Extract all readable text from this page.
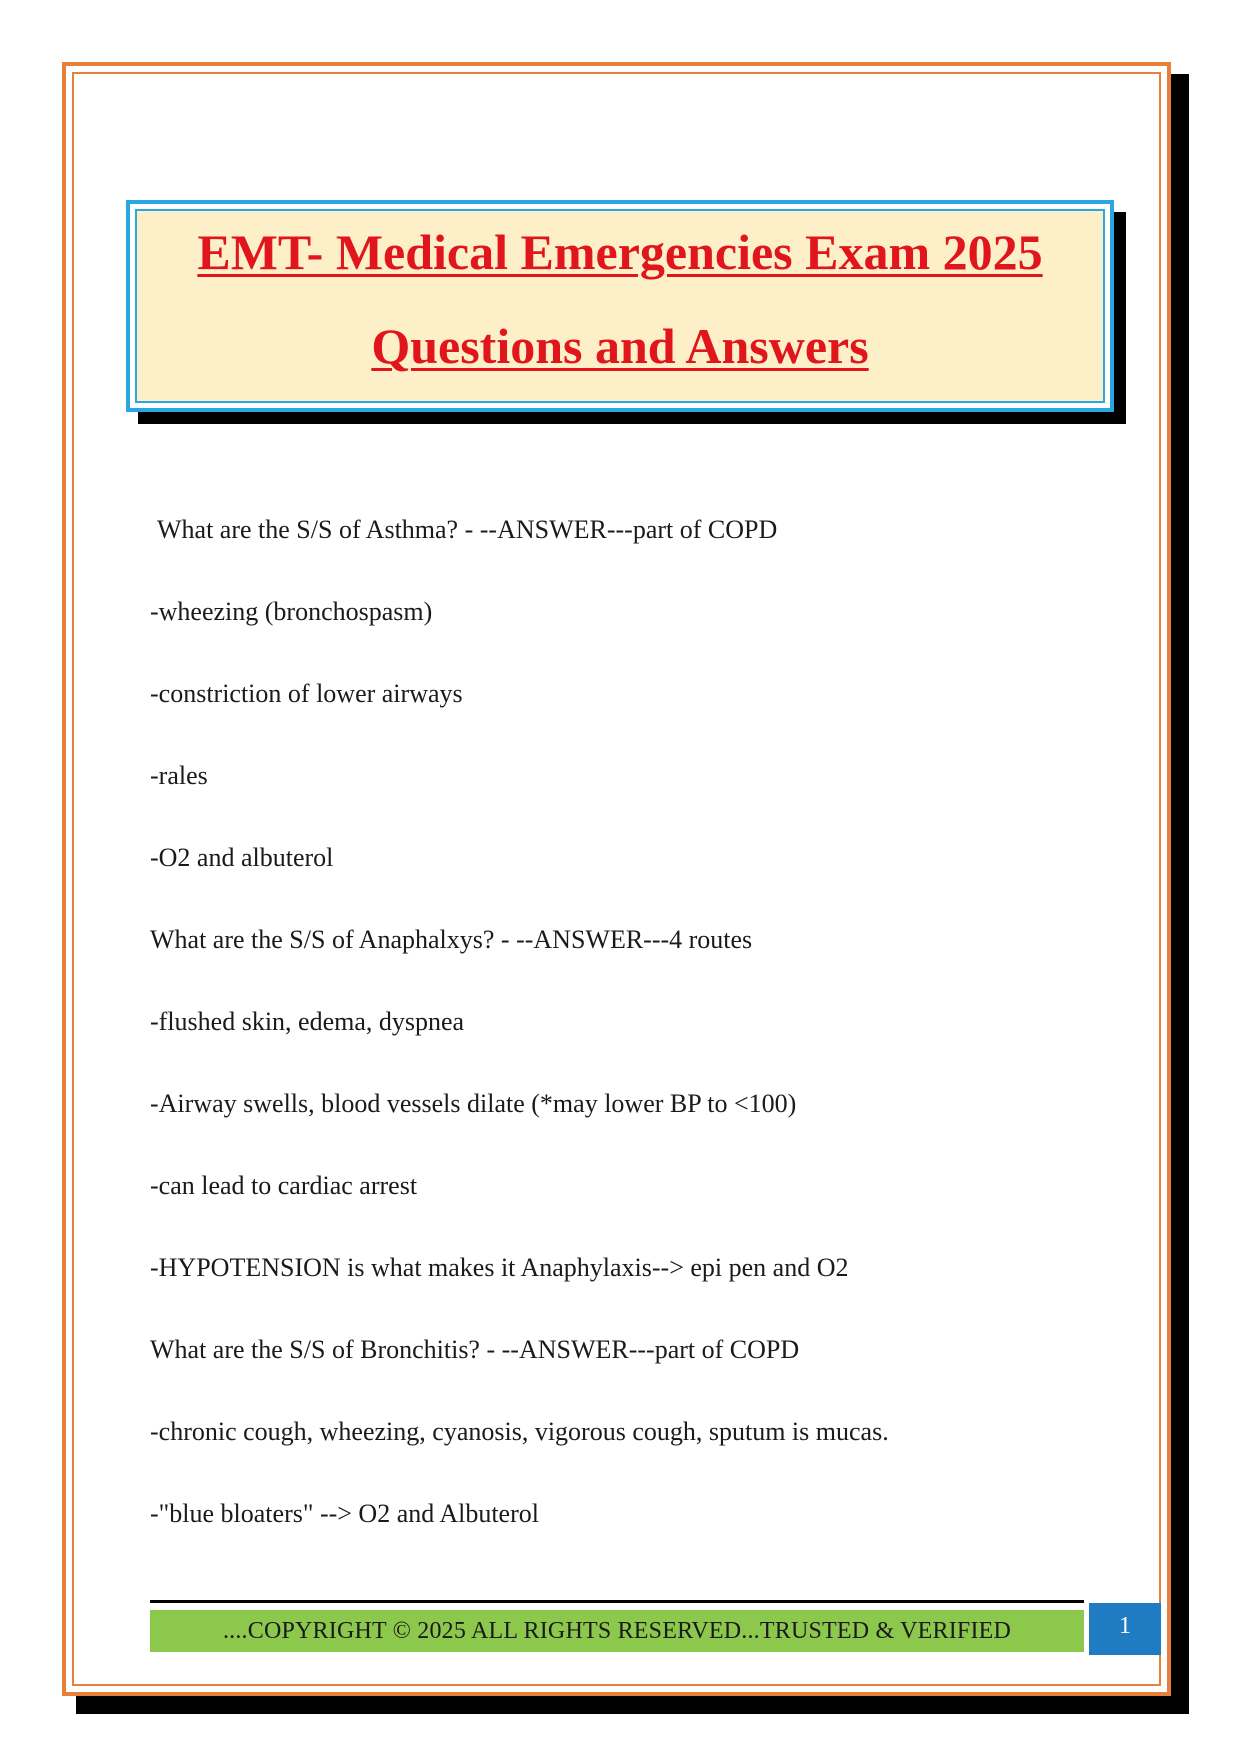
EMT- Medical Emergencies Exam 2025
Questions and Answers
What are the S/S of Asthma? - --ANSWER---part of COPD
-wheezing (bronchospasm)
-constriction of lower airways
-rales
-O2 and albuterol
What are the S/S of Anaphalxys? - --ANSWER---4 routes
-flushed skin, edema, dyspnea
-Airway swells, blood vessels dilate (*may lower BP to <100)
-can lead to cardiac arrest
-HYPOTENSION is what makes it Anaphylaxis--> epi pen and O2
What are the S/S of Bronchitis? - --ANSWER---part of COPD
-chronic cough, wheezing, cyanosis, vigorous cough, sputum is mucas.
-"blue bloaters" --> O2 and Albuterol
....COPYRIGHT © 2025 ALL RIGHTS RESERVED...TRUSTED & VERIFIED	1
